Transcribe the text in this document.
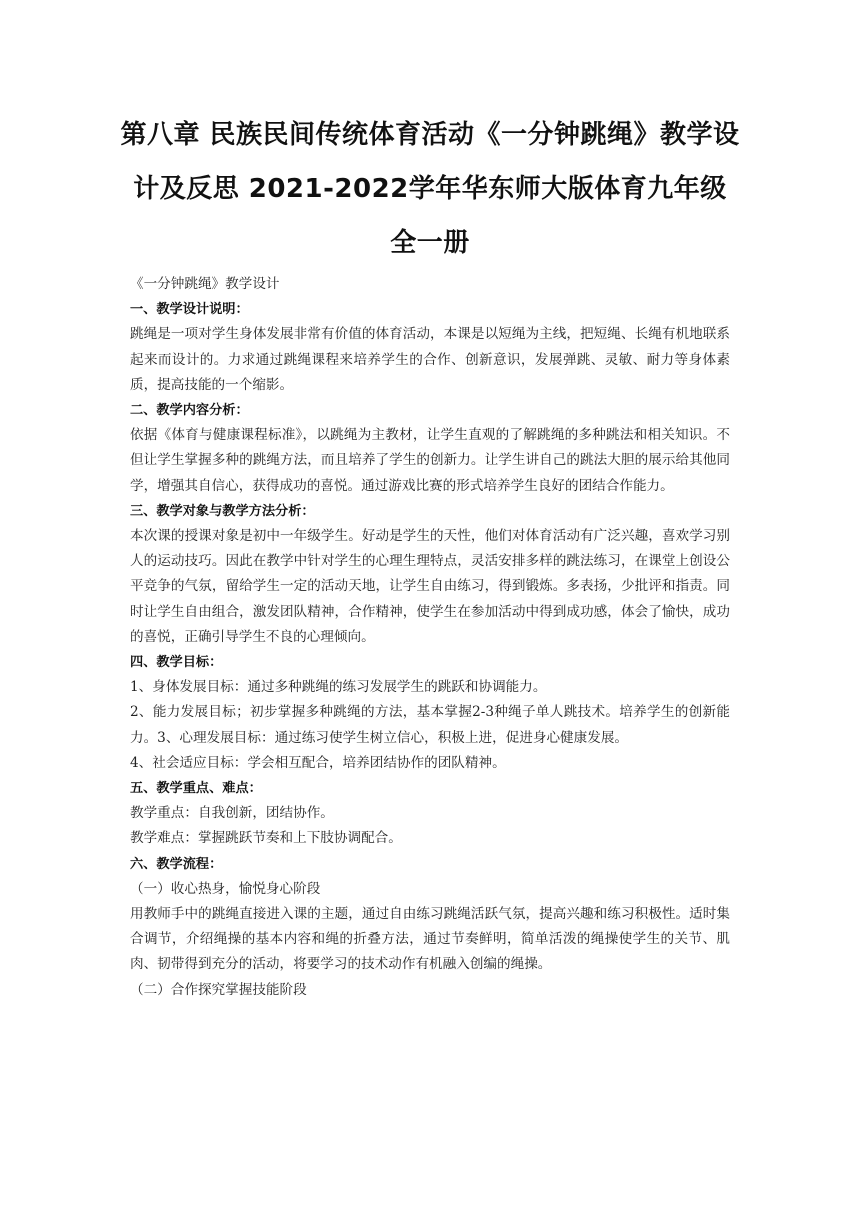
第八章 民族民间传统体育活动《一分钟跳绳》教学设计及反思 2021-2022学年华东师大版体育九年级全一册

《一分钟跳绳》教学设计

一、教学设计说明：

跳绳是一项对学生身体发展非常有价值的体育活动，本课是以短绳为主线，把短绳、长绳有机地联系起来而设计的。力求通过跳绳课程来培养学生的合作、创新意识，发展弹跳、灵敏、耐力等身体素质，提高技能的一个缩影。

二、教学内容分析：

依据《体育与健康课程标准》，以跳绳为主教材，让学生直观的了解跳绳的多种跳法和相关知识。不但让学生掌握多种的跳绳方法，而且培养了学生的创新力。让学生讲自己的跳法大胆的展示给其他同学，增强其自信心，获得成功的喜悦。通过游戏比赛的形式培养学生良好的团结合作能力。

三、教学对象与教学方法分析：

本次课的授课对象是初中一年级学生。好动是学生的天性，他们对体育活动有广泛兴趣，喜欢学习别人的运动技巧。因此在教学中针对学生的心理生理特点，灵活安排多样的跳法练习，在课堂上创设公平竞争的气氛，留给学生一定的活动天地，让学生自由练习，得到锻炼。多表扬，少批评和指责。同时让学生自由组合，激发团队精神，合作精神，使学生在参加活动中得到成功感，体会了愉快，成功的喜悦，正确引导学生不良的心理倾向。

四、教学目标：

1、身体发展目标：通过多种跳绳的练习发展学生的跳跃和协调能力。

2、能力发展目标；初步掌握多种跳绳的方法，基本掌握2-3种绳子单人跳技术。培养学生的创新能力。3、心理发展目标：通过练习使学生树立信心，积极上进，促进身心健康发展。

4、社会适应目标：学会相互配合，培养团结协作的团队精神。

五、教学重点、难点：

教学重点：自我创新，团结协作。

教学难点：掌握跳跃节奏和上下肢协调配合。

六、教学流程：

（一）收心热身，愉悦身心阶段

用教师手中的跳绳直接进入课的主题，通过自由练习跳绳活跃气氛，提高兴趣和练习积极性。适时集合调节，介绍绳操的基本内容和绳的折叠方法，通过节奏鲜明，简单活泼的绳操使学生的关节、肌肉、韧带得到充分的活动，将要学习的技术动作有机融入创编的绳操。

（二）合作探究掌握技能阶段
